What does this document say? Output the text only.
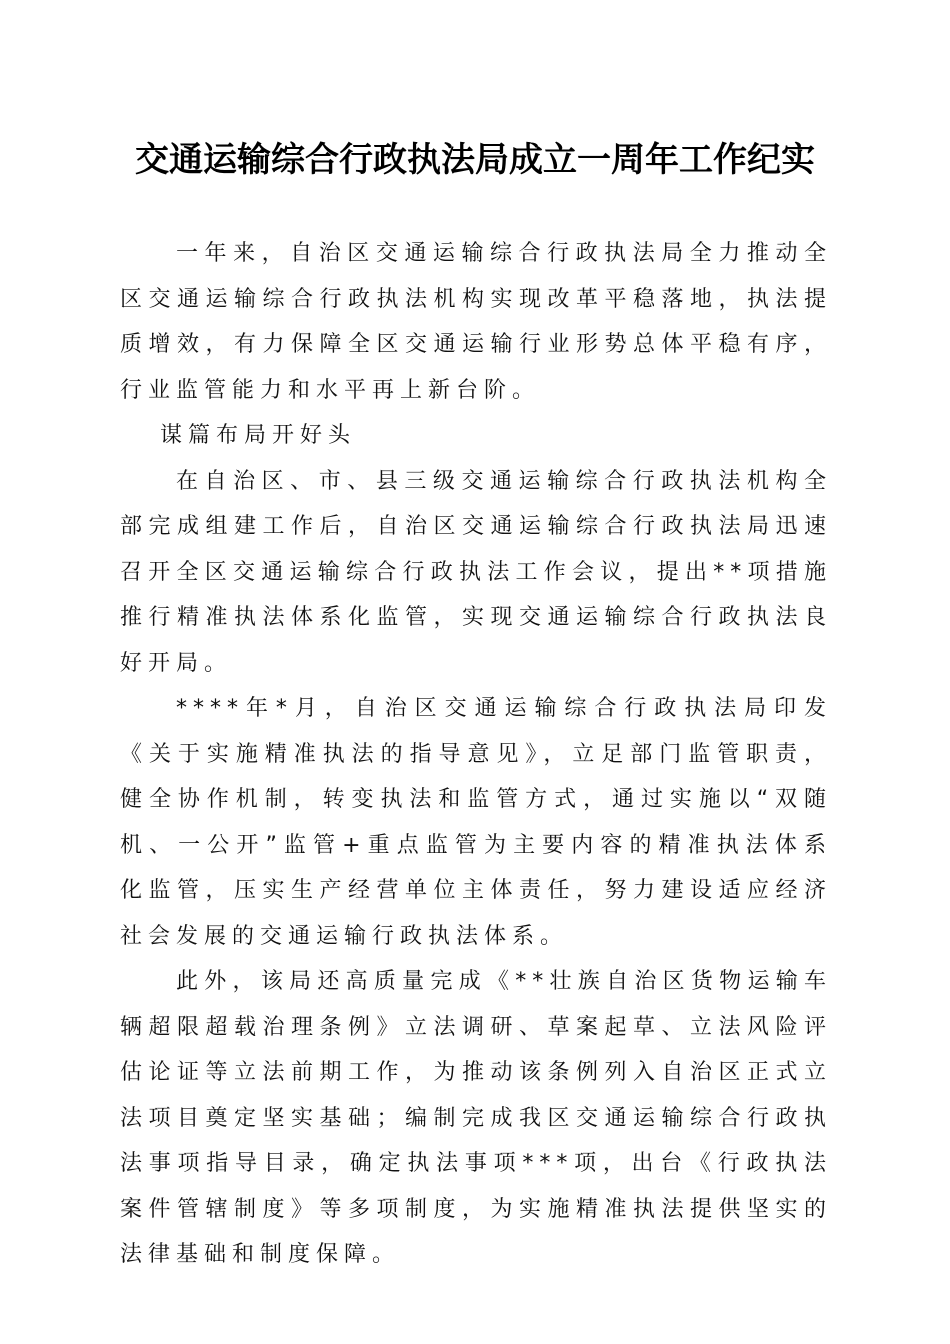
交通运输综合行政执法局成立一周年工作纪实

一年来，自治区交通运输综合行政执法局全力推动全区交通运输综合行政执法机构实现改革平稳落地，执法提质增效，有力保障全区交通运输行业形势总体平稳有序，行业监管能力和水平再上新台阶。

谋篇布局开好头

在自治区、市、县三级交通运输综合行政执法机构全部完成组建工作后，自治区交通运输综合行政执法局迅速召开全区交通运输综合行政执法工作会议，提出**项措施推行精准执法体系化监管，实现交通运输综合行政执法良好开局。

****年*月，自治区交通运输综合行政执法局印发《关于实施精准执法的指导意见》，立足部门监管职责，健全协作机制，转变执法和监管方式，通过实施以“双随机、一公开”监管+重点监管为主要内容的精准执法体系化监管，压实生产经营单位主体责任，努力建设适应经济社会发展的交通运输行政执法体系。

此外，该局还高质量完成《**壮族自治区货物运输车辆超限超载治理条例》立法调研、草案起草、立法风险评估论证等立法前期工作，为推动该条例列入自治区正式立法项目奠定坚实基础；编制完成我区交通运输综合行政执法事项指导目录，确定执法事项***项，出台《行政执法案件管辖制度》等多项制度，为实施精准执法提供坚实的法律基础和制度保障。
